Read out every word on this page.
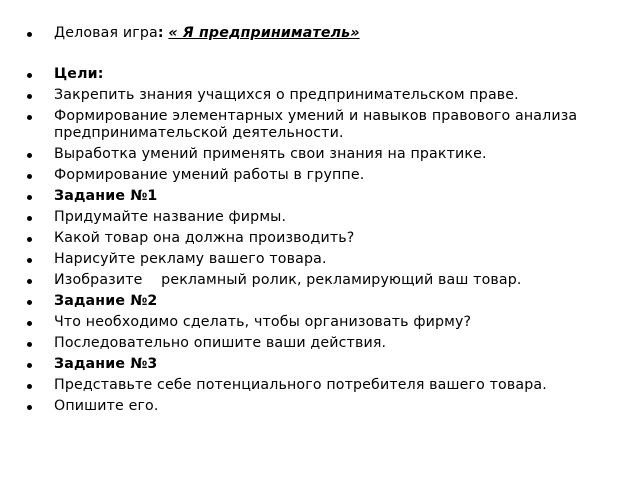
Деловая игра: « Я предприниматель»
Цели:
Закрепить знания учащихся о предпринимательском праве.
Формирование элементарных умений и навыков правового анализа предпринимательской деятельности.
Выработка умений применять свои знания на практике.
Формирование умений работы в группе.
Задание №1
Придумайте название фирмы.
Какой товар она должна производить?
Нарисуйте рекламу вашего товара.
Изобразите    рекламный ролик, рекламирующий ваш товар.
Задание №2
Что необходимо сделать, чтобы организовать фирму?
Последовательно опишите ваши действия.
Задание №3
Представьте себе потенциального потребителя вашего товара.
Опишите его.
